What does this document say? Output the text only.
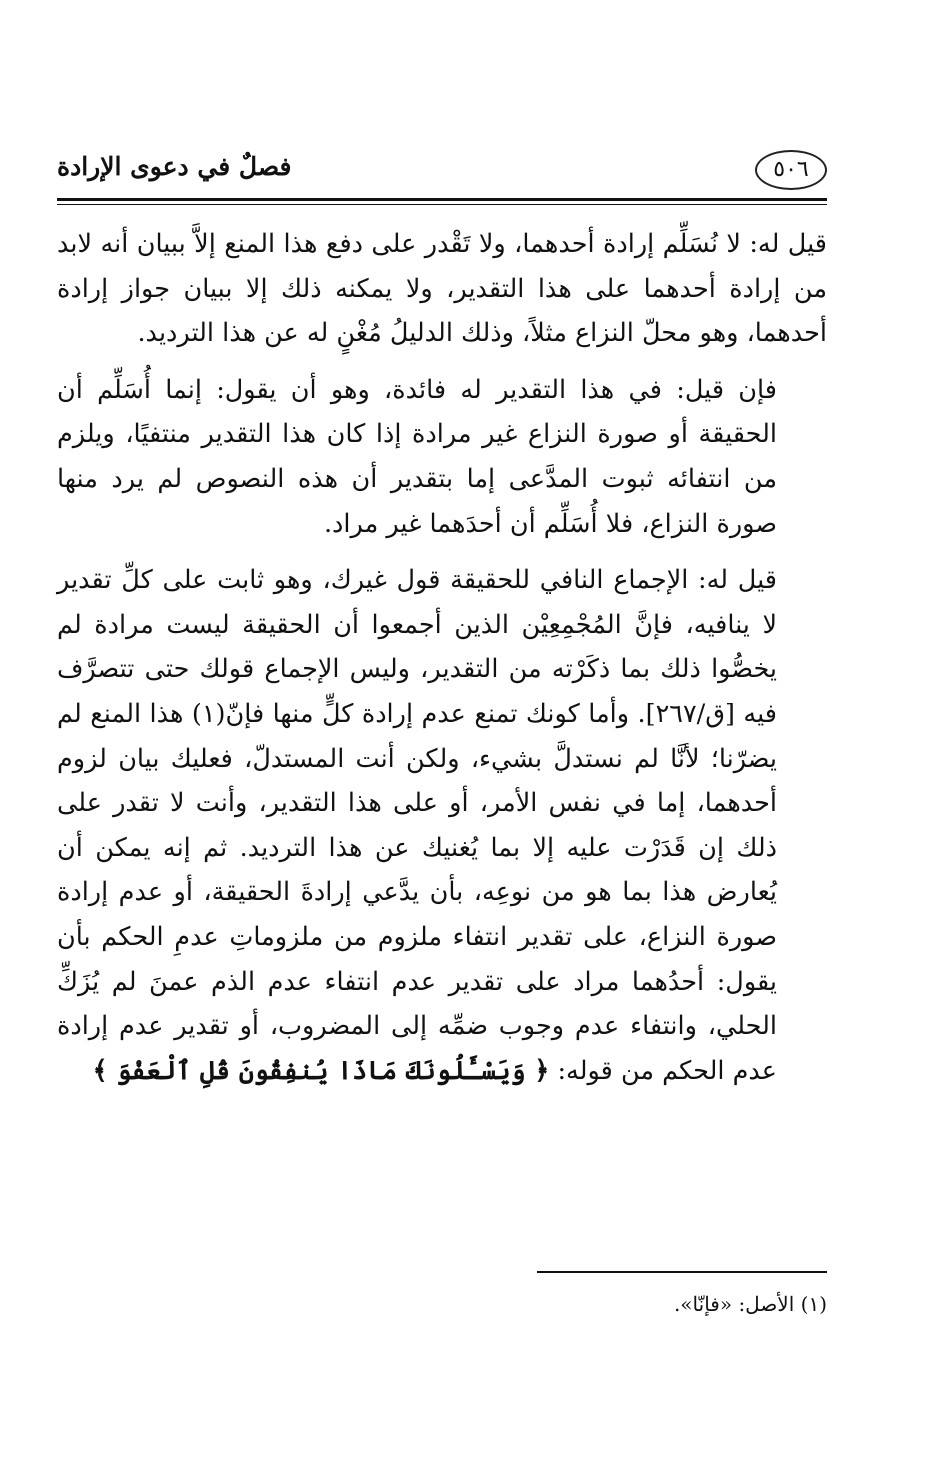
٥٠٦
فصلٌ في دعوى الإرادة

قيل له: لا نُسَلِّم إرادة أحدهما، ولا تَقْدر على دفع هذا المنع إلاَّ ببيان أنه لابد من إرادة أحدهما على هذا التقدير، ولا يمكنه ذلك إلا ببيان جواز إرادة أحدهما، وهو محلّ النزاع مثلاً، وذلك الدليلُ مُغْنٍ له عن هذا الترديد.

فإن قيل: في هذا التقدير له فائدة، وهو أن يقول: إنما أُسَلِّم أن الحقيقة أو صورة النزاع غير مرادة إذا كان هذا التقدير منتفيًا، ويلزم من انتفائه ثبوت المدَّعى إما بتقدير أن هذه النصوص لم يرد منها صورة النزاع، فلا أُسَلِّم أن أحدَهما غير مراد.

قيل له: الإجماع النافي للحقيقة قول غيرك، وهو ثابت على كلِّ تقدير لا ينافيه، فإنَّ المُجْمِعِيْن الذين أجمعوا أن الحقيقة ليست مرادة لم يخصُّوا ذلك بما ذكَرْته من التقدير، وليس الإجماع قولك حتى تتصرَّف فيه [ق/٢٦٧]. وأما كونك تمنع عدم إرادة كلٍّ منها فإنّ(١) هذا المنع لم يضرّنا؛ لأنَّا لم نستدلَّ بشيء، ولكن أنت المستدلّ، فعليك بيان لزوم أحدهما، إما في نفس الأمر، أو على هذا التقدير، وأنت لا تقدر على ذلك إن قَدَرْت عليه إلا بما يُغنيك عن هذا الترديد. ثم إنه يمكن أن يُعارض هذا بما هو من نوعِه، بأن يدَّعي إرادةَ الحقيقة، أو عدم إرادة صورة النزاع، على تقدير انتفاء ملزوم من ملزوماتِ عدمِ الحكم بأن يقول: أحدُهما مراد على تقدير عدم انتفاء عدم الذم عمنَ لم يُزَكِّ الحلي، وانتفاء عدم وجوب ضمِّه إلى المضروب، أو تقدير عدم إرادة عدم الحكم من قوله: ﴿ وَيَسْـَٔلُونَكَ مَاذَا يُنفِقُونَ قُلِ ٱلْعَفْوَ ﴾

(١) الأصل: «فإنّا».
